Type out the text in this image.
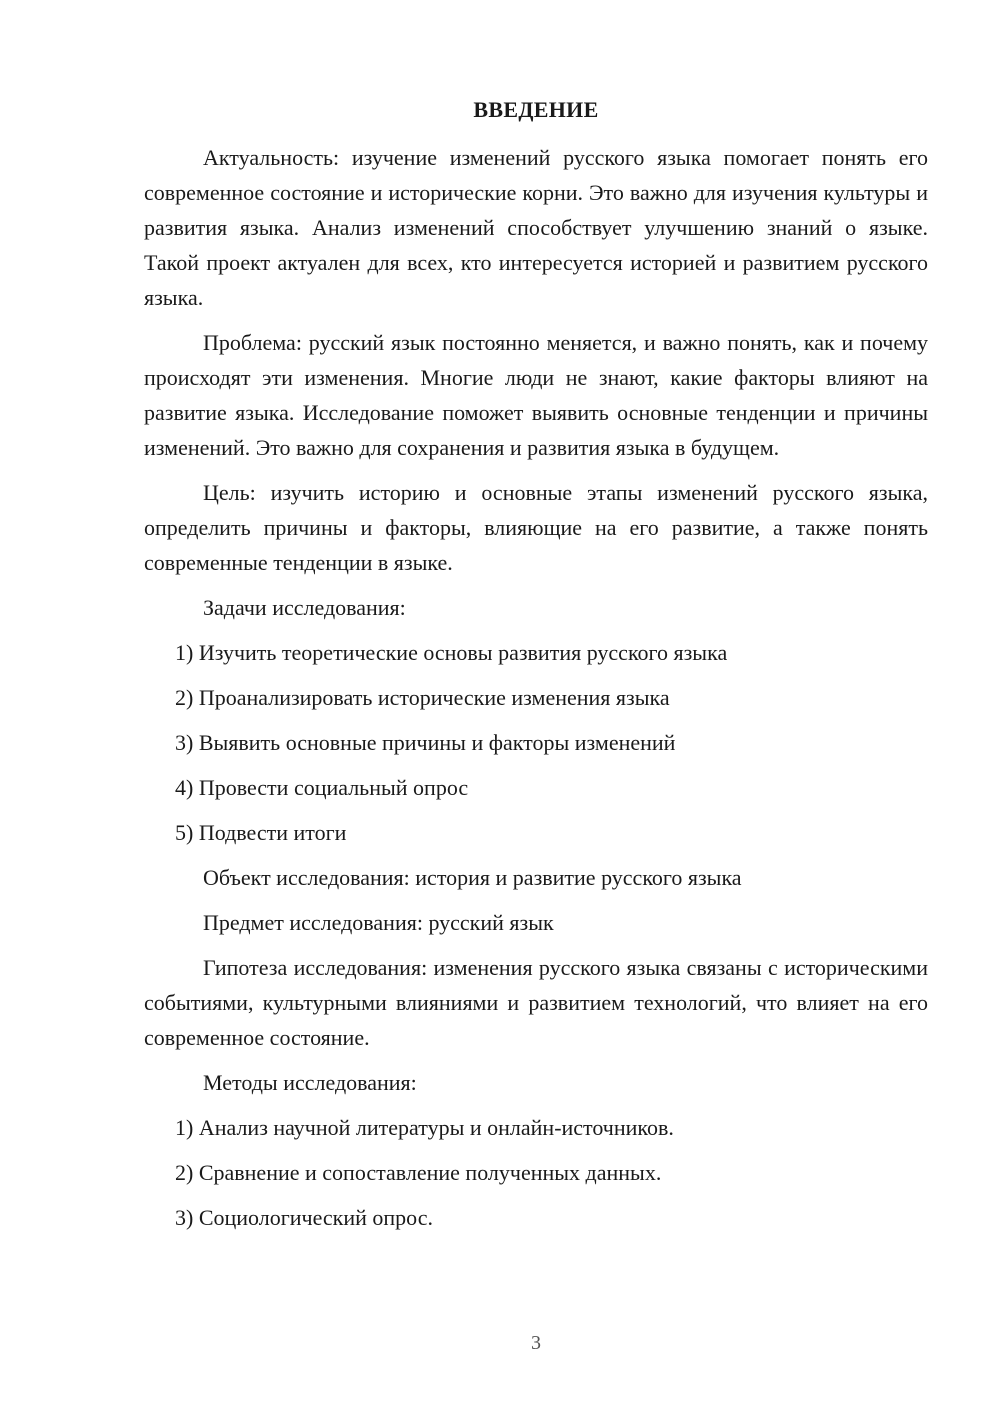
ВВЕДЕНИЕ

Актуальность: изучение изменений русского языка помогает понять его современное состояние и исторические корни. Это важно для изучения культуры и развития языка. Анализ изменений способствует улучшению знаний о языке. Такой проект актуален для всех, кто интересуется историей и развитием русского языка.

Проблема: русский язык постоянно меняется, и важно понять, как и почему происходят эти изменения. Многие люди не знают, какие факторы влияют на развитие языка. Исследование поможет выявить основные тенденции и причины изменений. Это важно для сохранения и развития языка в будущем.

Цель: изучить историю и основные этапы изменений русского языка, определить причины и факторы, влияющие на его развитие, а также понять современные тенденции в языке.

Задачи исследования:
1) Изучить теоретические основы развития русского языка
2) Проанализировать исторические изменения языка
3) Выявить основные причины и факторы изменений
4) Провести социальный опрос
5) Подвести итоги
Объект исследования: история и развитие русского языка
Предмет исследования: русский язык

Гипотеза исследования: изменения русского языка связаны с историческими событиями, культурными влияниями и развитием технологий, что влияет на его современное состояние.

Методы исследования:
1) Анализ научной литературы и онлайн-источников.
2) Сравнение и сопоставление полученных данных.
3) Социологический опрос.
3
